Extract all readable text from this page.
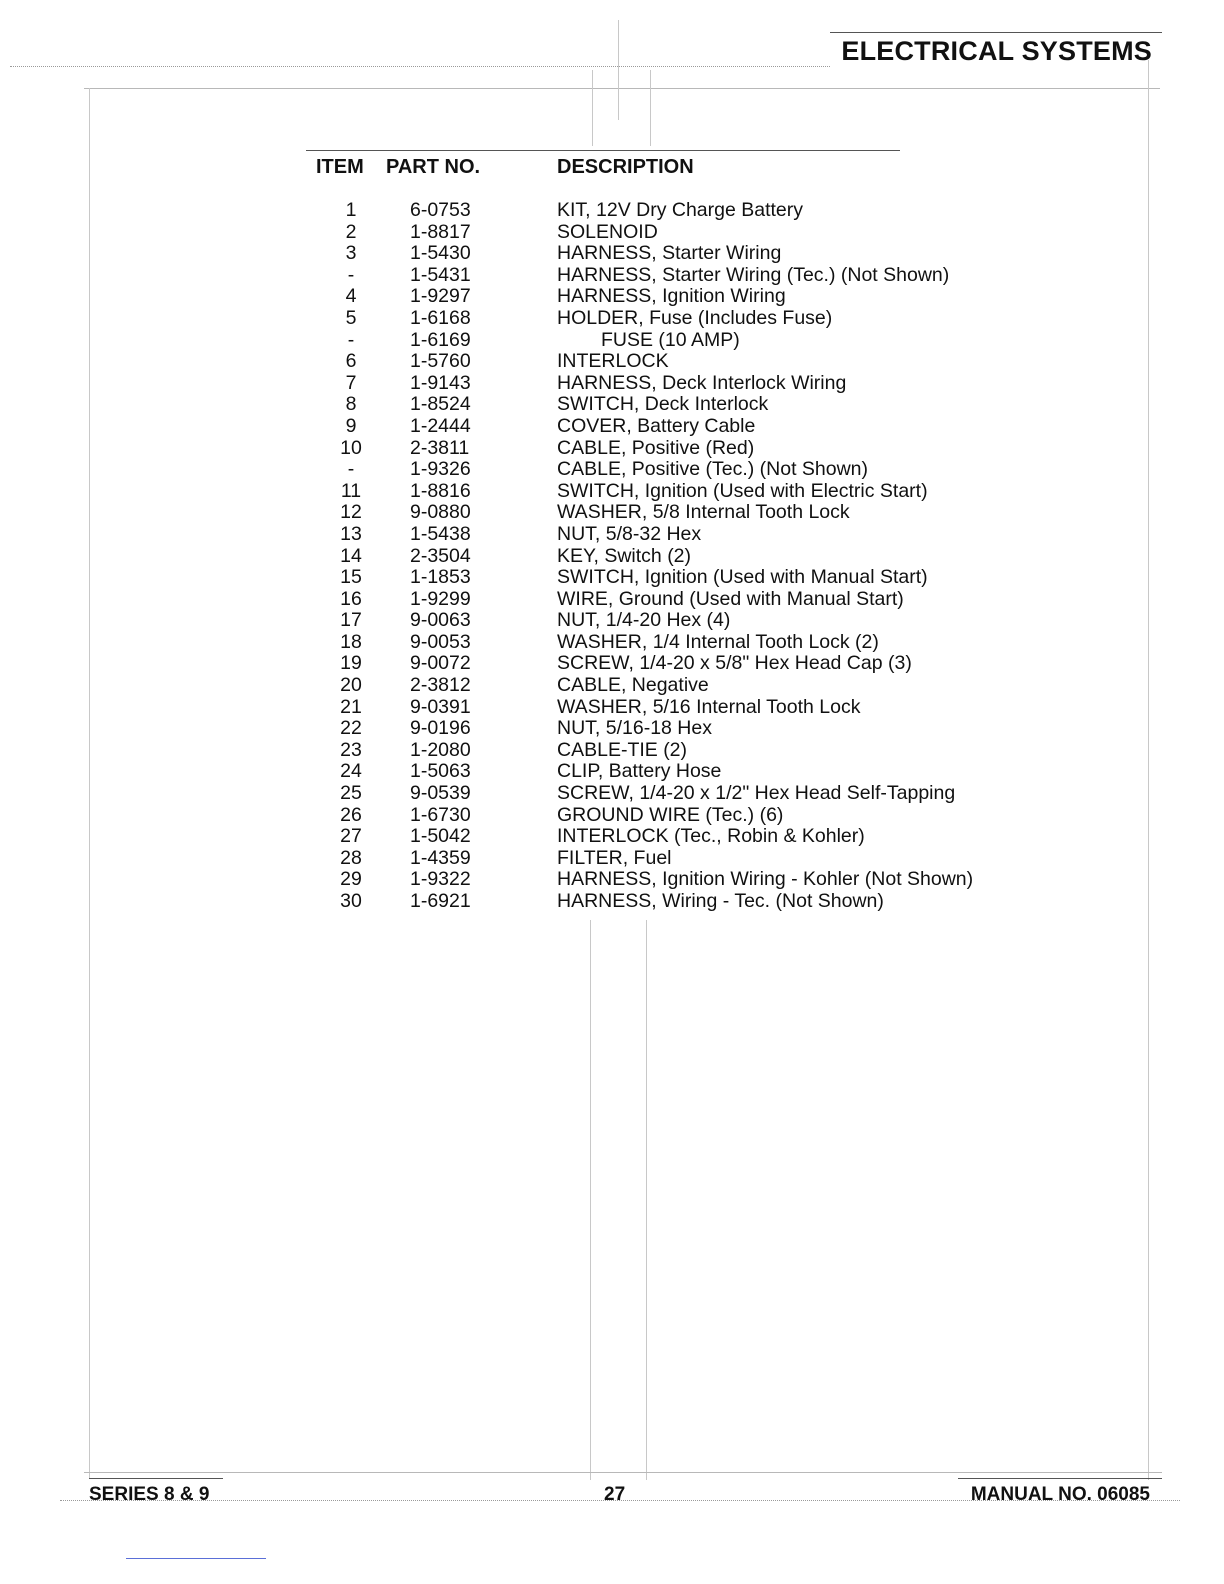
ELECTRICAL SYSTEMS
ITEM PART NO.	DESCRIPTION
1	6-0753	KIT, 12V Dry Charge Battery
2	1-8817	SOLENOID
3	1-5430	HARNESS, Starter Wiring
-	1-5431	HARNESS, Starter Wiring (Tec.) (Not Shown)
4	1-9297	HARNESS, Ignition Wiring
5	1-6168	HOLDER, Fuse (Includes Fuse)
-	1-6169	FUSE (10 AMP)
6	1-5760	INTERLOCK
7	1-9143	HARNESS, Deck Interlock Wiring
8	1-8524	SWITCH, Deck Interlock
9	1-2444	COVER, Battery Cable
10	2-3811	CABLE, Positive (Red)
-	1-9326	CABLE, Positive (Tec.) (Not Shown)
11	1-8816	SWITCH, Ignition (Used with Electric Start)
12	9-0880	WASHER, 5/8 Internal Tooth Lock
13	1-5438	NUT, 5/8-32 Hex
14	2-3504	KEY, Switch (2)
15	1-1853	SWITCH, Ignition (Used with Manual Start)
16	1-9299	WIRE, Ground (Used with Manual Start)
17	9-0063	NUT, 1/4-20 Hex (4)
18	9-0053	WASHER, 1/4 Internal Tooth Lock (2)
19	9-0072	SCREW, 1/4-20 x 5/8" Hex Head Cap (3)
20	2-3812	CABLE, Negative
21	9-0391	WASHER, 5/16 Internal Tooth Lock
22	9-0196	NUT, 5/16-18 Hex
23	1-2080	CABLE-TIE (2)
24	1-5063	CLIP, Battery Hose
25	9-0539	SCREW, 1/4-20 x 1/2" Hex Head Self-Tapping
26	1-6730	GROUND WIRE (Tec.) (6)
27	1-5042	INTERLOCK (Tec., Robin & Kohler)
28	1-4359	FILTER, Fuel
29	1-9322	HARNESS, Ignition Wiring - Kohler (Not Shown)
30	1-6921	HARNESS, Wiring - Tec. (Not Shown)
SERIES 8 & 9	27	MANUAL NO. 06085
